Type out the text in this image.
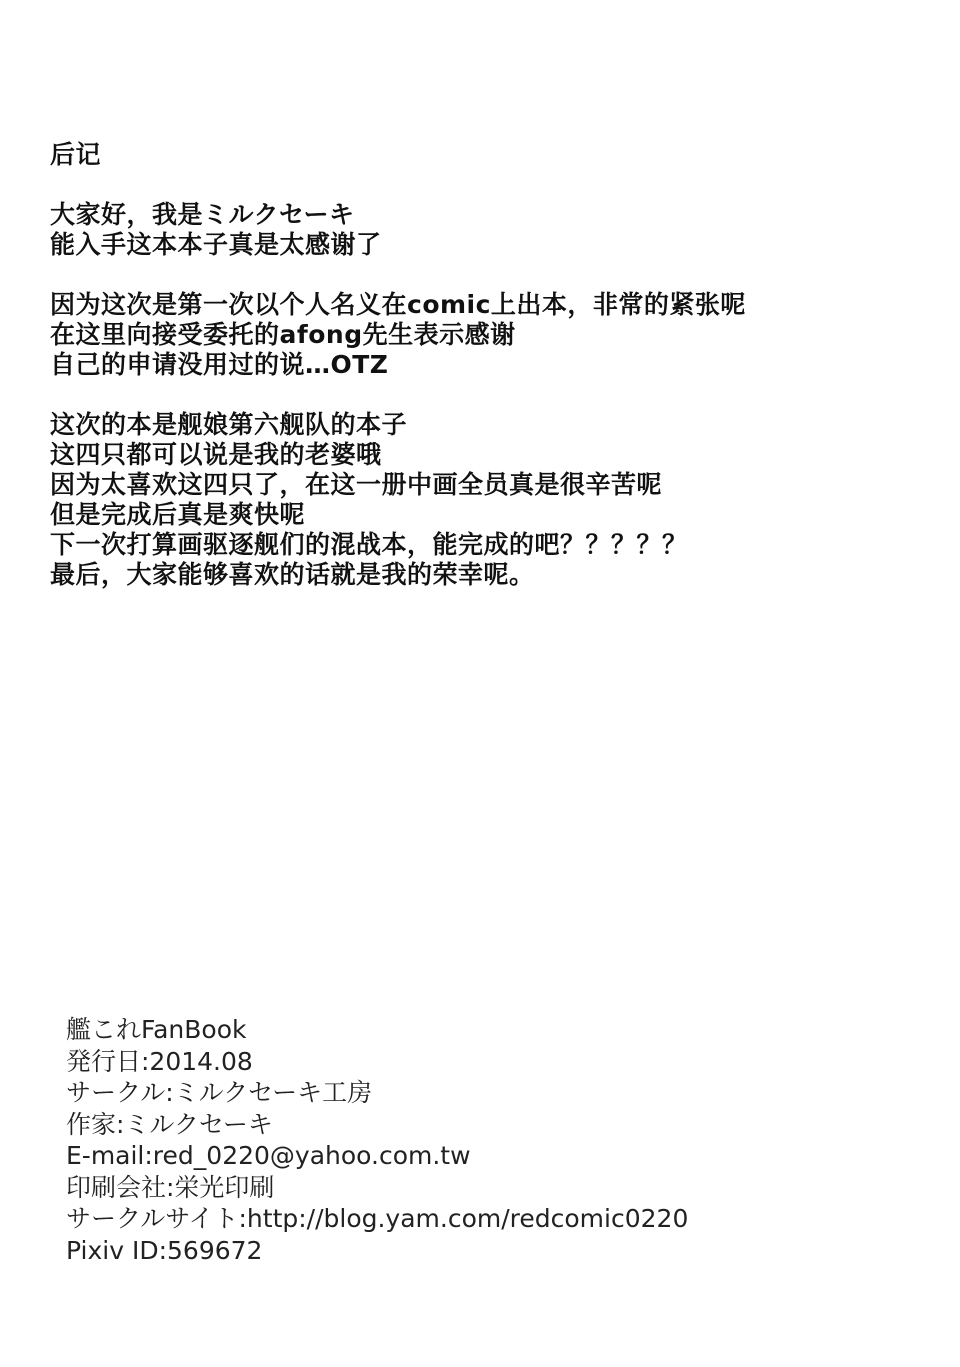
后记
大家好，我是ミルクセーキ
能入手这本本子真是太感谢了
因为这次是第一次以个人名义在comic上出本，非常的紧张呢
在这里向接受委托的afong先生表示感谢
自己的申请没用过的说…OTZ
这次的本是舰娘第六舰队的本子
这四只都可以说是我的老婆哦
因为太喜欢这四只了，在这一册中画全员真是很辛苦呢
但是完成后真是爽快呢
下一次打算画驱逐舰们的混战本，能完成的吧？？？？？
最后，大家能够喜欢的话就是我的荣幸呢。
艦これFanBook
発行日:2014.08
サークル:ミルクセーキ工房
作家:ミルクセーキ
E-mail:red_0220@yahoo.com.tw
印刷会社:栄光印刷
サークルサイト:http://blog.yam.com/redcomic0220
Pixiv ID:569672
